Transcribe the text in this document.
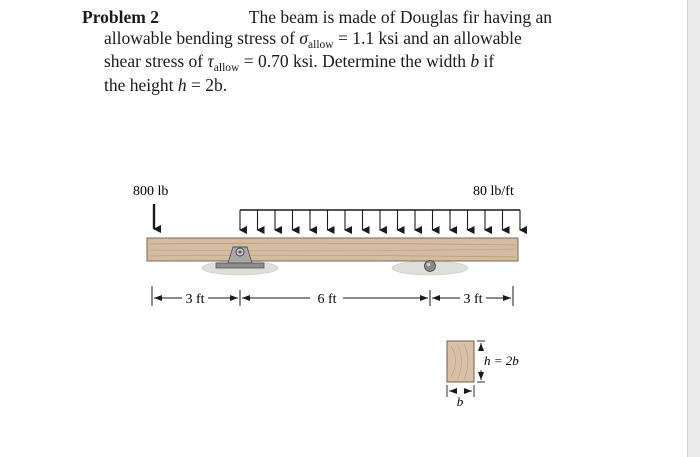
Problem 2	The beam is made of Douglas fir having an
allowable bending stress of $\sigma_{allow} = 1.1$ ksi and an allowable
shear stress of $\tau_{allow} = 0.70$ ksi. Determine the width b if
the height h = 2b.
800 lb	80 lb/ft
3 ft	6 ft	3 ft
h = 2b
b
